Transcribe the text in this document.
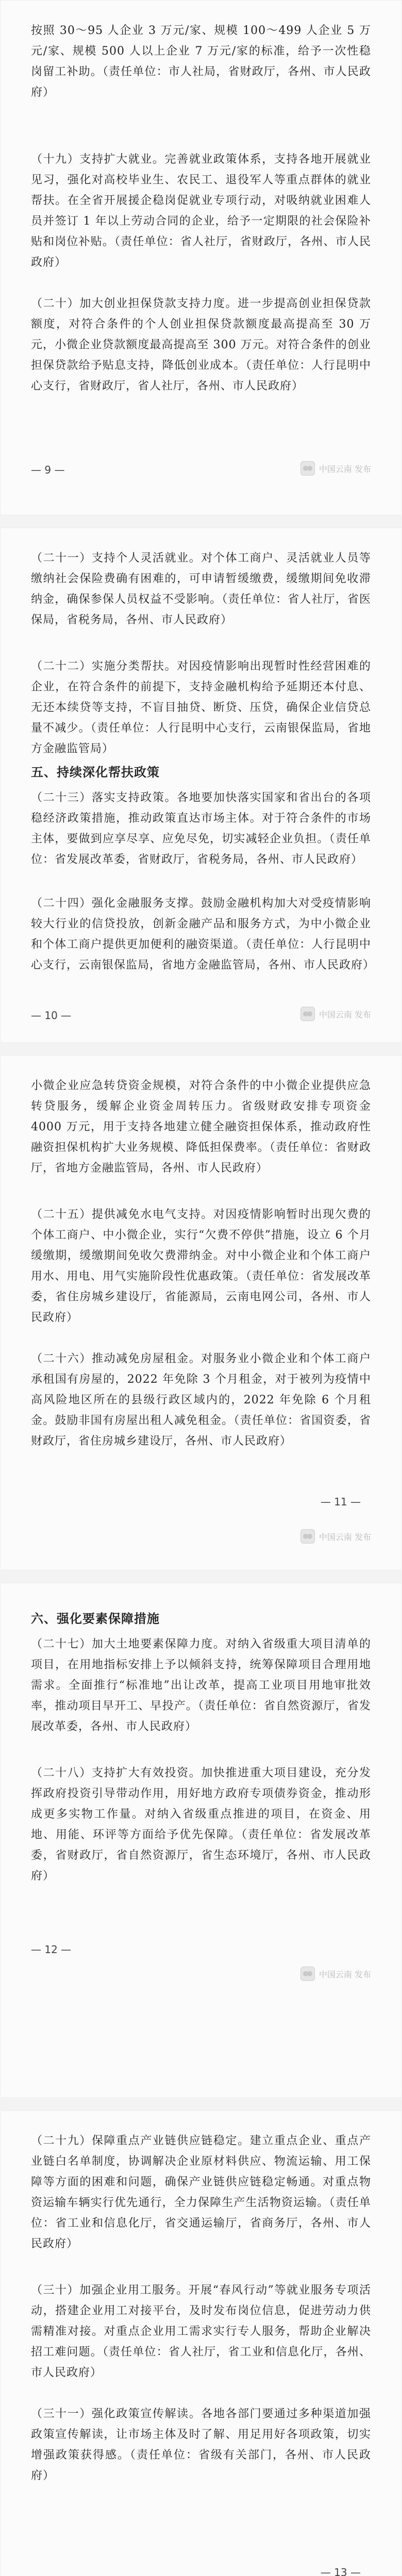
按照 30～95 人企业 3 万元/家、规模 100～499 人企业 5 万元/家、规模 500 人以上企业 7 万元/家的标准，给予一次性稳岗留工补助。（责任单位：市人社局，省财政厅，各州、市人民政府）

（十九）支持扩大就业。完善就业政策体系，支持各地开展就业见习，强化对高校毕业生、农民工、退役军人等重点群体的就业帮扶。在全省开展援企稳岗促就业专项行动，对吸纳就业困难人员并签订 1 年以上劳动合同的企业，给予一定期限的社会保险补贴和岗位补贴。（责任单位：省人社厅，省财政厅，各州、市人民政府）

（二十）加大创业担保贷款支持力度。进一步提高创业担保贷款额度，对符合条件的个人创业担保贷款额度最高提高至 30 万元，小微企业贷款额度最高提高至 300 万元。对符合条件的创业担保贷款给予贴息支持，降低创业成本。（责任单位：人行昆明中心支行，省财政厅，省人社厅，各州、市人民政府）

— 9 —	中国云南 发布

（二十一）支持个人灵活就业。对个体工商户、灵活就业人员等缴纳社会保险费确有困难的，可申请暂缓缴费，缓缴期间免收滞纳金，确保参保人员权益不受影响。（责任单位：省人社厅，省医保局，省税务局，各州、市人民政府）

（二十二）实施分类帮扶。对因疫情影响出现暂时性经营困难的企业，在符合条件的前提下，支持金融机构给予延期还本付息、无还本续贷等支持，不盲目抽贷、断贷、压贷，确保企业信贷总量不减少。（责任单位：人行昆明中心支行，云南银保监局，省地方金融监管局）

五、持续深化帮扶政策

（二十三）落实支持政策。各地要加快落实国家和省出台的各项稳经济政策措施，推动政策直达市场主体。对于符合条件的市场主体，要做到应享尽享、应免尽免，切实减轻企业负担。（责任单位：省发展改革委，省财政厅，省税务局，各州、市人民政府）

（二十四）强化金融服务支撑。鼓励金融机构加大对受疫情影响较大行业的信贷投放，创新金融产品和服务方式，为中小微企业和个体工商户提供更加便利的融资渠道。（责任单位：人行昆明中心支行，云南银保监局，省地方金融监管局，各州、市人民政府）

— 10 —	中国云南 发布

小微企业应急转贷资金规模，对符合条件的中小微企业提供应急转贷服务，缓解企业资金周转压力。省级财政安排专项资金 4000 万元，用于支持各地建立健全融资担保体系，推动政府性融资担保机构扩大业务规模、降低担保费率。（责任单位：省财政厅，省地方金融监管局，各州、市人民政府）

（二十五）提供减免水电气支持。对因疫情影响暂时出现欠费的个体工商户、中小微企业，实行“欠费不停供”措施，设立 6 个月缓缴期，缓缴期间免收欠费滞纳金。对中小微企业和个体工商户用水、用电、用气实施阶段性优惠政策。（责任单位：省发展改革委，省住房城乡建设厅，省能源局，云南电网公司，各州、市人民政府）

（二十六）推动减免房屋租金。对服务业小微企业和个体工商户承租国有房屋的，2022 年免除 3 个月租金，对于被列为疫情中高风险地区所在的县级行政区域内的，2022 年免除 6 个月租金。鼓励非国有房屋出租人减免租金。（责任单位：省国资委，省财政厅，省住房城乡建设厅，各州、市人民政府）

— 11 —
中国云南 发布
六、强化要素保障措施

（二十七）加大土地要素保障力度。对纳入省级重大项目清单的项目，在用地指标安排上予以倾斜支持，统筹保障项目合理用地需求。全面推行“标准地”出让改革，提高工业项目用地审批效率，推动项目早开工、早投产。（责任单位：省自然资源厅，省发展改革委，各州、市人民政府）

（二十八）支持扩大有效投资。加快推进重大项目建设，充分发挥政府投资引导带动作用，用好地方政府专项债券资金，推动形成更多实物工作量。对纳入省级重点推进的项目，在资金、用地、用能、环评等方面给予优先保障。（责任单位：省发展改革委，省财政厅，省自然资源厅，省生态环境厅，各州、市人民政府）

— 12 —
中国云南 发布

（二十九）保障重点产业链供应链稳定。建立重点企业、重点产业链白名单制度，协调解决企业原材料供应、物流运输、用工保障等方面的困难和问题，确保产业链供应链稳定畅通。对重点物资运输车辆实行优先通行，全力保障生产生活物资运输。（责任单位：省工业和信息化厅，省交通运输厅，省商务厅，各州、市人民政府）

（三十）加强企业用工服务。开展“春风行动”等就业服务专项活动，搭建企业用工对接平台，及时发布岗位信息，促进劳动力供需精准对接。对重点企业用工需求实行专人服务，帮助企业解决招工难问题。（责任单位：省人社厅，省工业和信息化厅，各州、市人民政府）

（三十一）强化政策宣传解读。各地各部门要通过多种渠道加强政策宣传解读，让市场主体及时了解、用足用好各项政策，切实增强政策获得感。（责任单位：省级有关部门，各州、市人民政府）

— 13 —
